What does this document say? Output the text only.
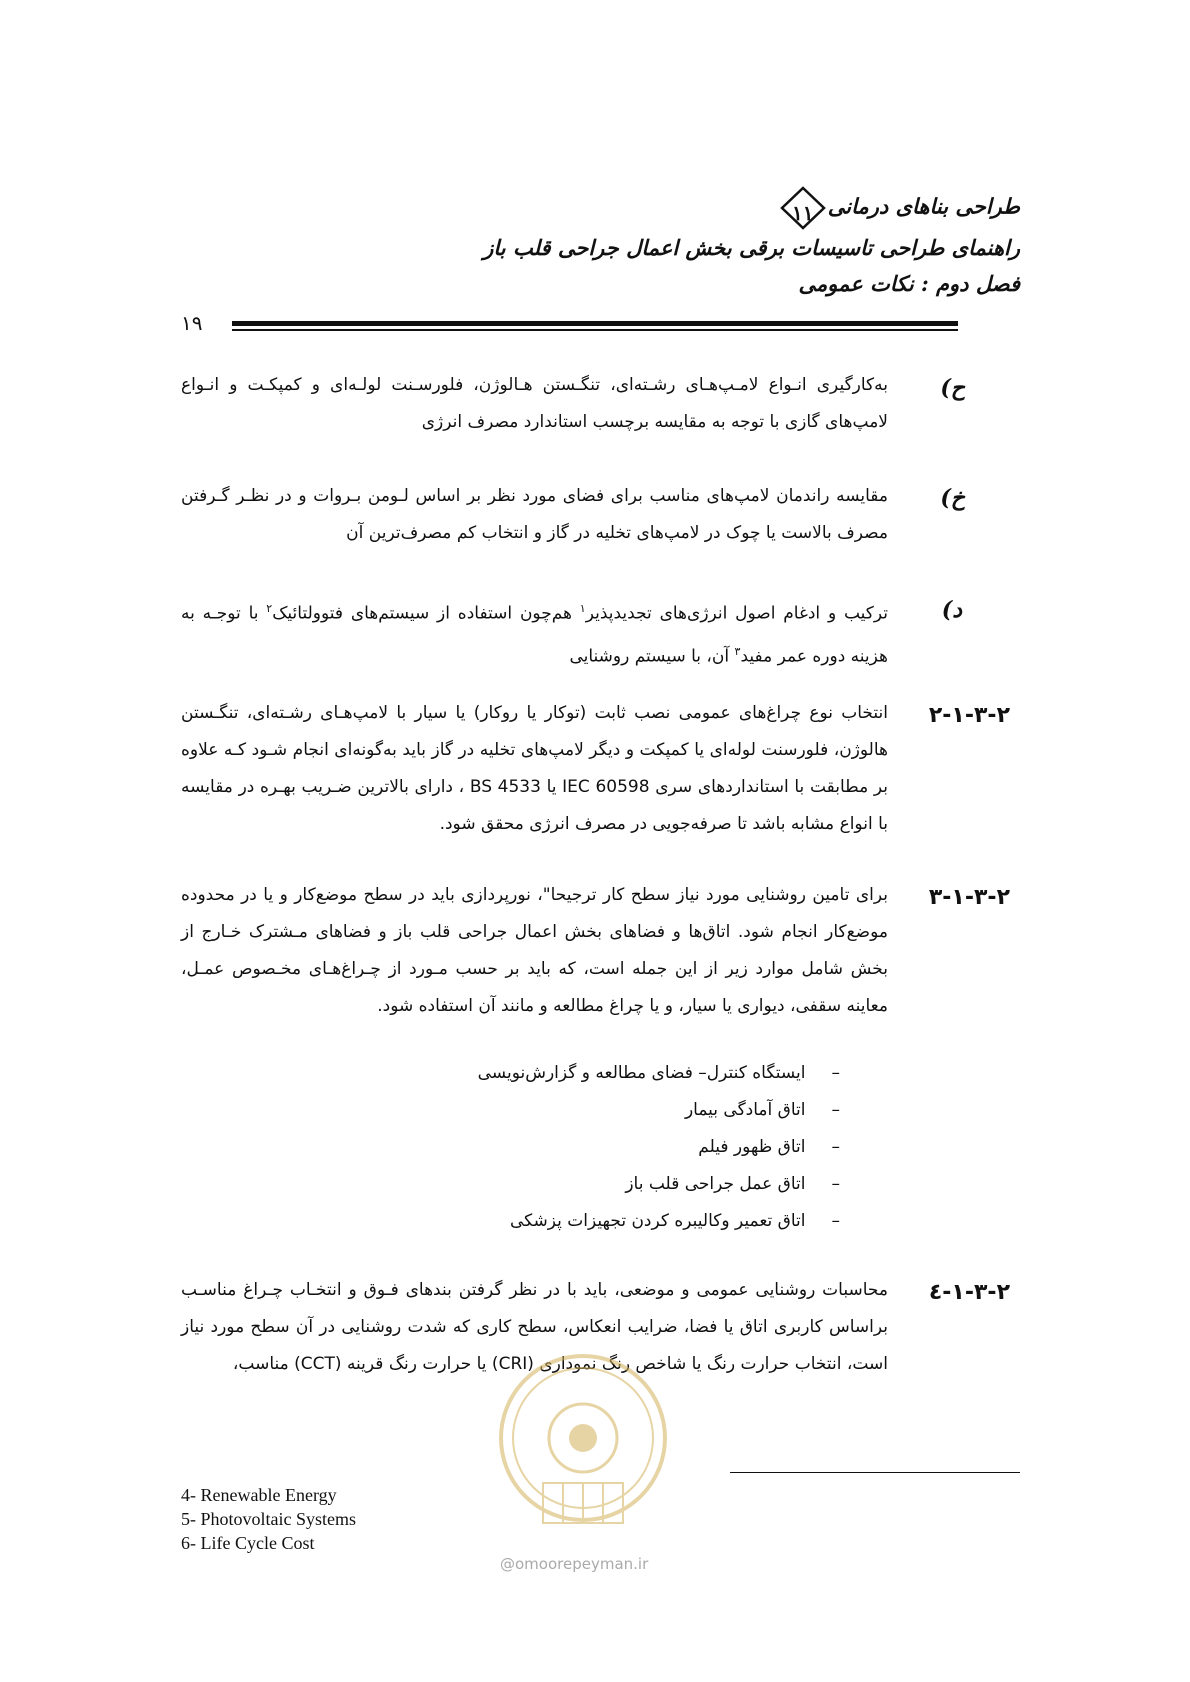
طراحی بناهای درمانی
١١
راهنمای طراحی تاسیسات برقی بخش اعمال جراحی قلب باز
فصل دوم : نکات عمومی
١٩
ح)
به‌کارگیری انـواع لامـپ‌هـای رشـته‌ای، تنگـستن هـالوژن، فلورسـنت لولـه‌ای و کمپکـت و انـواع لامپ‌های گازی با توجه به مقایسه برچسب استاندارد مصرف انرژی
خ)
مقایسه راندمان لامپ‌های مناسب برای فضای مورد نظر بر اساس لـومن بـروات و در نظـر گـرفتن مصرف بالاست یا چوک در لامپ‌های تخلیه در گاز و انتخاب کم مصرف‌ترین آن
د)
ترکیب و ادغام اصول انرژی‌های تجدیدپذیر$^١$ هم‌چون استفاده از سیستم‌های فتوولتائیک$^٢$ با توجـه به هزینه دوره عمر مفید$^٣$ آن، با سیستم روشنایی
٢-٣-١-٢
انتخاب نوع چراغ‌های عمومی نصب ثابت (توکار یا روکار) یا سیار با لامپ‌هـای رشـته‌ای، تنگـستن هالوژن، فلورسنت لوله‌ای یا کمپکت و دیگر لامپ‌های تخلیه در گاز باید به‌گونه‌ای انجام شـود کـه علاوه بر مطابقت با استانداردهای سری IEC 60598 یا BS 4533 ، دارای بالاترین ضـریب بهـره در مقایسه با انواع مشابه باشد تا صرفه‌جویی در مصرف انرژی محقق شود.
٢-٣-١-٣
برای تامین روشنایی مورد نیاز سطح کار ترجیحا"، نورپردازی باید در سطح موضع‌کار و یا در محدوده موضع‌کار انجام شود. اتاق‌ها و فضاهای بخش اعمال جراحی قلب باز و فضاهای مـشترک خـارج از بخش شامل موارد زیر از این جمله است، که باید بر حسب مـورد از چـراغ‌هـای مخـصوص عمـل، معاینه سقفی، دیواری یا سیار، و یا چراغ مطالعه و مانند آن استفاده شود.
– ایستگاه کنترل– فضای مطالعه و گزارش‌نویسی
– اتاق آمادگی بیمار
– اتاق ظهور فیلم
– اتاق عمل جراحی قلب باز
– اتاق تعمیر وکالیبره کردن تجهیزات پزشکی
٢-٣-١-٤
محاسبات روشنایی عمومی و موضعی، باید با در نظر گرفتن بندهای فـوق و انتخـاب چـراغ مناسـب براساس کاربری اتاق یا فضا، ضرایب انعکاس، سطح کاری که شدت روشنایی در آن سطح مورد نیاز است، انتخاب حرارت رنگ یا شاخص رنگ نموداری (CRI) یا حرارت رنگ قرینه (CCT) مناسب،
4- Renewable Energy
5- Photovoltaic Systems
6- Life Cycle Cost
@omoorepeyman.ir
